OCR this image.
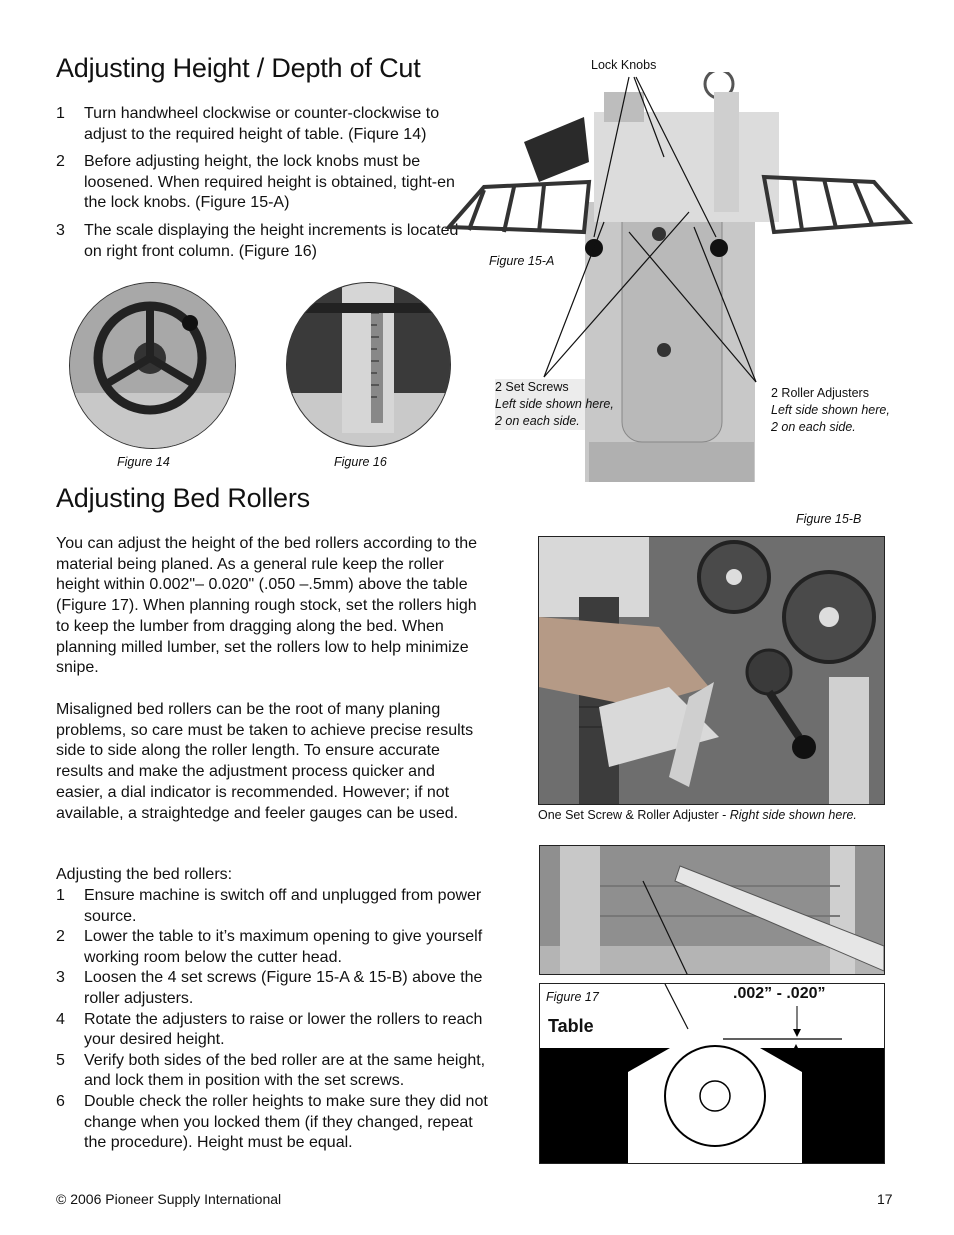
Adjusting Height / Depth of Cut
1 Turn handwheel clockwise or counter-clockwise to adjust to the required height of table. (Fiqure 14)
2 Before adjusting height, the lock knobs must be loosened. When required height is obtained, tight-en the lock knobs. (Figure 15-A)
3 The scale displaying the height increments is located on right front column. (Figure 16)
Figure 14	Figure 16
Lock Knobs
Figure 15-A
2 Set Screws
Left side shown here,
2 on each side.
2 Roller Adjusters
Left side shown here,
2 on each side.
Adjusting Bed Rollers
Figure 15-B

You can adjust the height of the bed rollers according to the material being planed. As a general rule keep the roller height within 0.002"– 0.020" (.050 –.5mm) above the table (Figure 17). When planning rough stock, set the rollers high to keep the lumber from dragging along the bed. When planning milled lumber, set the rollers low to help minimize snipe.

Misaligned bed rollers can be the root of many planing problems, so care must be taken to achieve precise results side to side along the roller length. To ensure accurate results and make the adjustment process quicker and easier, a dial indicator is recommended. However; if not available, a straightedge and feeler gauges can be used.

Adjusting the bed rollers:

1 Ensure machine is switch off and unplugged from power source.
2 Lower the table to it’s maximum opening to give yourself working room below the cutter head.
3 Loosen the 4 set screws (Figure 15-A & 15-B) above the roller adjusters.
4 Rotate the adjusters to raise or lower the rollers to reach your desired height.
5 Verify both sides of the bed roller are at the same height, and lock them in position with the set screws.
6 Double check the roller heights to make sure they did not change when you locked them (if they changed, repeat the procedure). Height must be equal.
One Set Screw & Roller Adjuster - Right side shown here.
Figure 17	.002” - .020”
Table
© 2006 Pioneer Supply International	17
